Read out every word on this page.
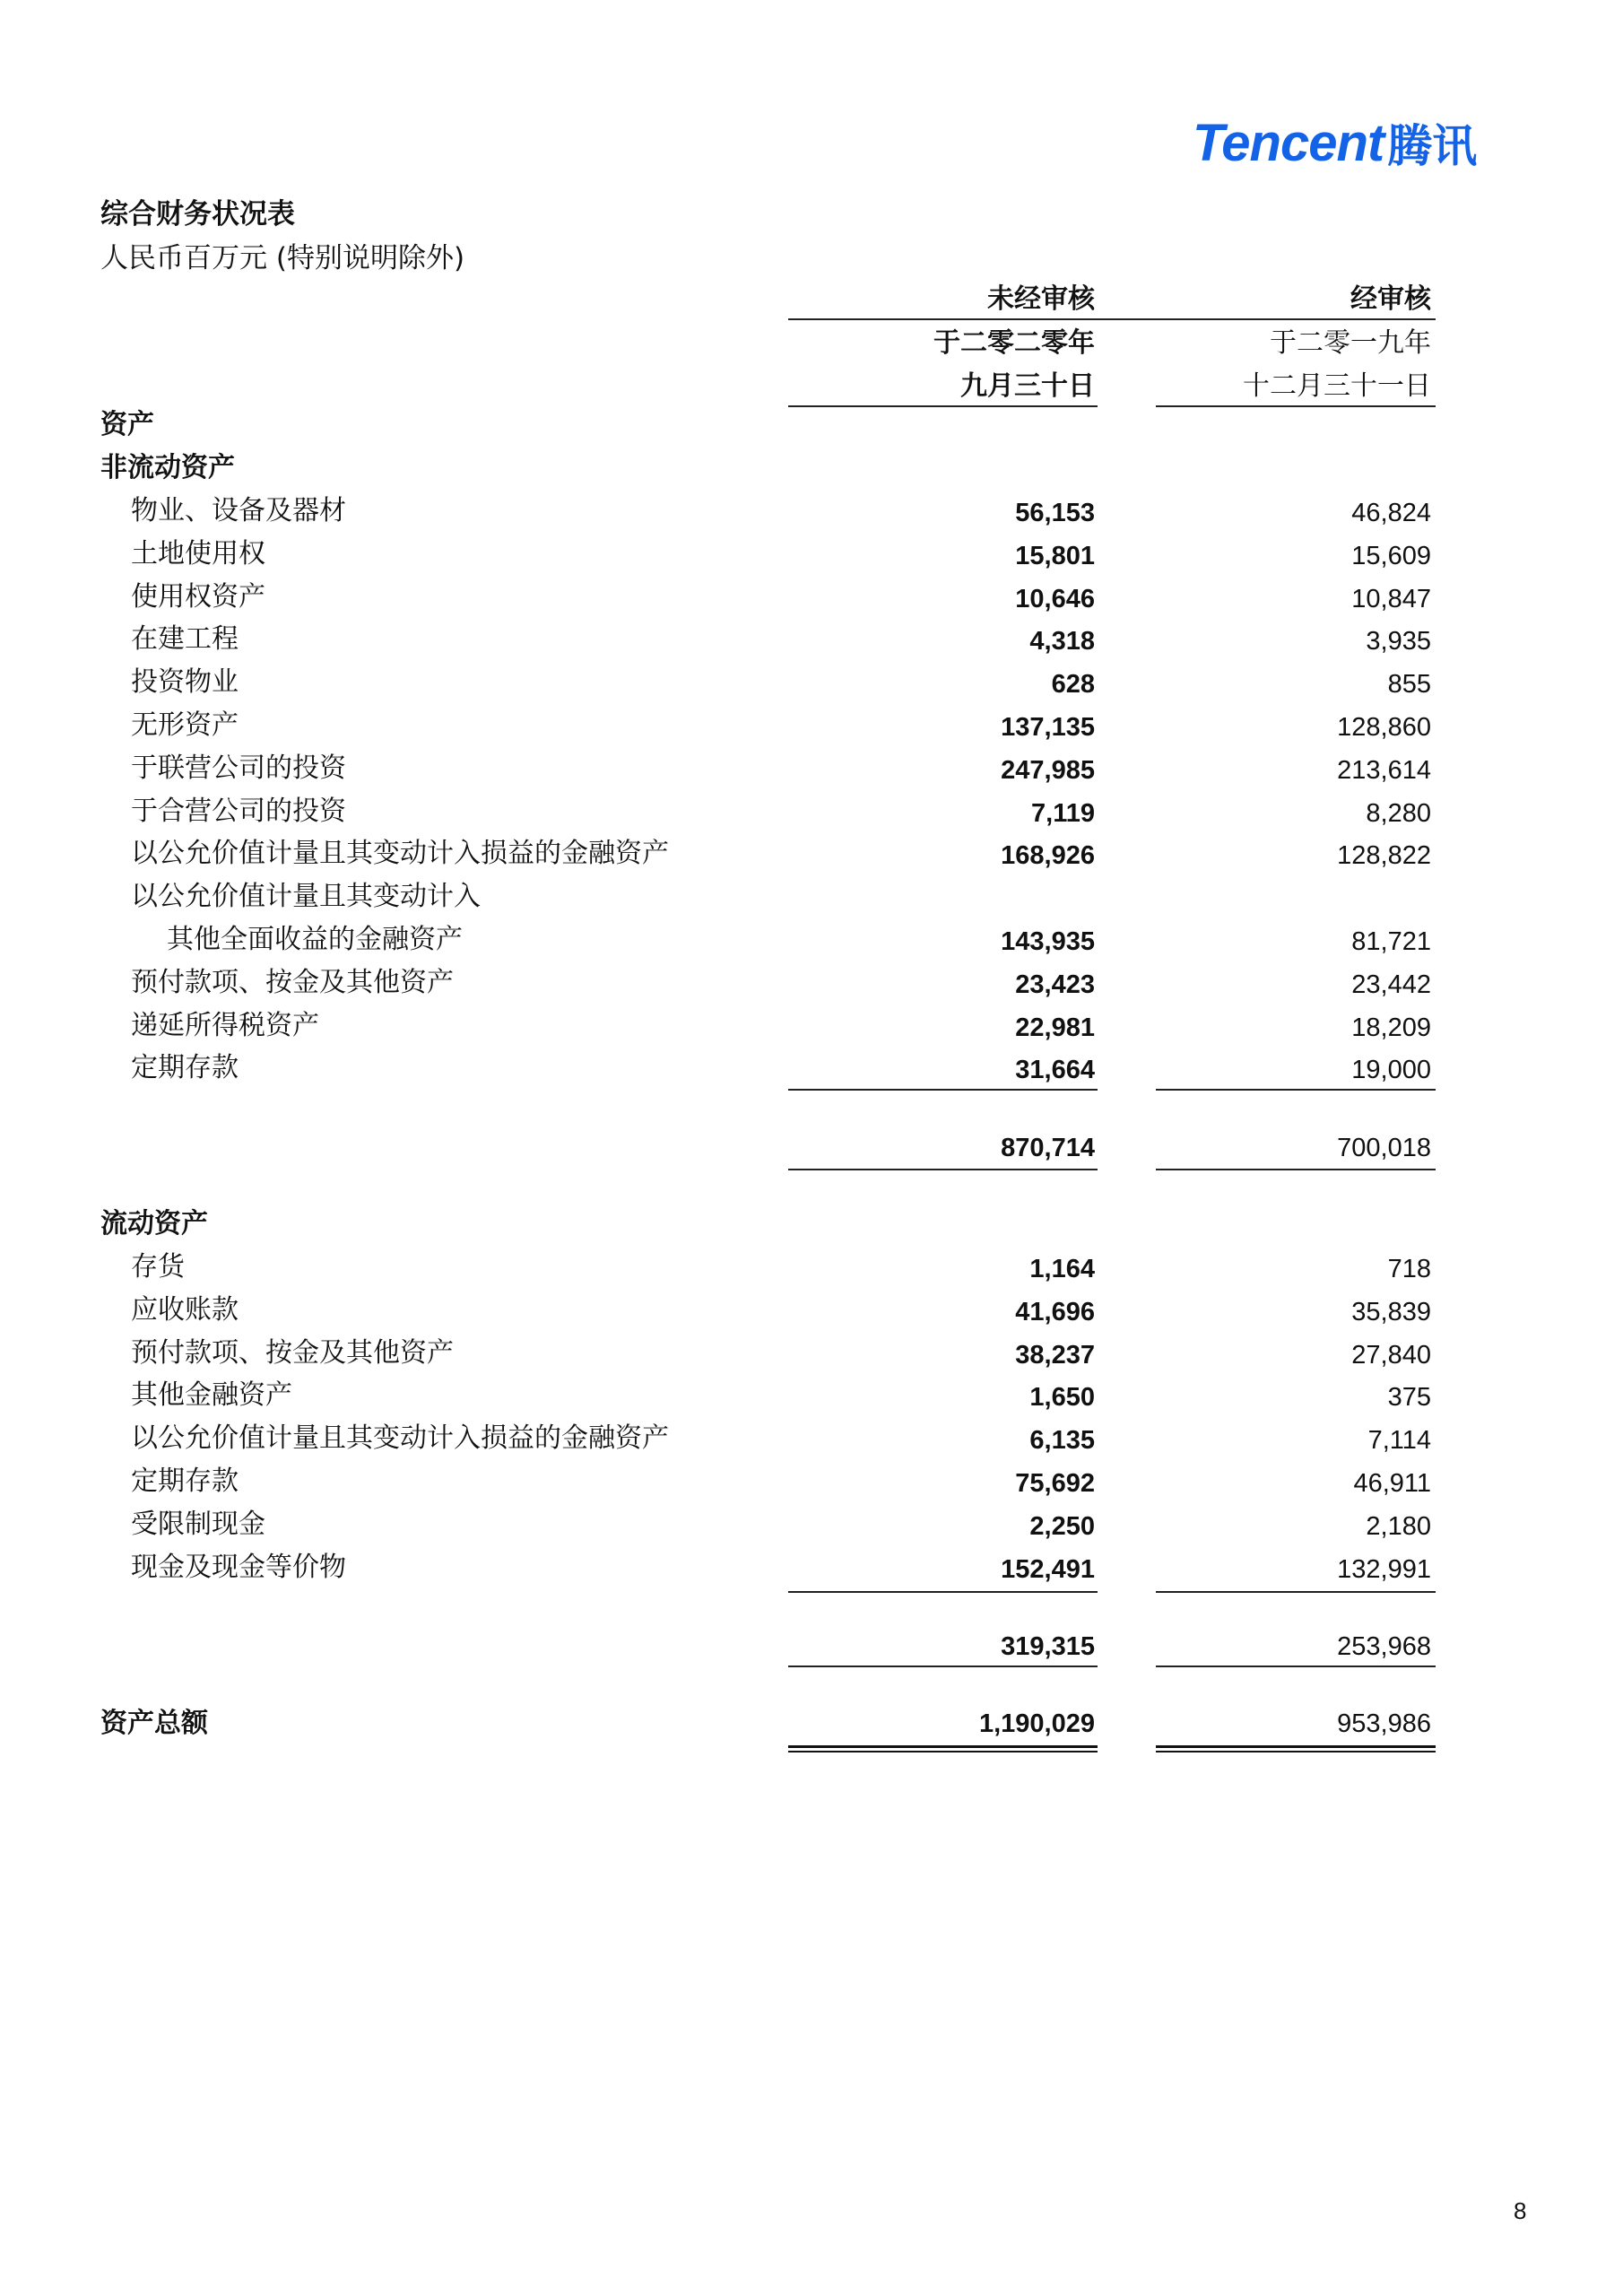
Tencent 腾讯
综合财务状况表
人民币百万元 (特别说明除外)
未经审核	经审核
于二零二零年	于二零一九年
九月三十日	十二月三十一日
资产
非流动资产
物业、设备及器材	56,153	46,824
土地使用权	15,801	15,609
使用权资产	10,646	10,847
在建工程	4,318	3,935
投资物业	628	855
无形资产	137,135	128,860
于联营公司的投资	247,985	213,614
于合营公司的投资	7,119	8,280
以公允价值计量且其变动计入损益的金融资产	168,926	128,822
以公允价值计量且其变动计入
其他全面收益的金融资产	143,935	81,721
预付款项、按金及其他资产	23,423	23,442
递延所得税资产	22,981	18,209
定期存款	31,664	19,000
870,714	700,018
流动资产
存货	1,164	718
应收账款	41,696	35,839
预付款项、按金及其他资产	38,237	27,840
其他金融资产	1,650	375
以公允价值计量且其变动计入损益的金融资产	6,135	7,114
定期存款	75,692	46,911
受限制现金	2,250	2,180
现金及现金等价物	152,491	132,991
319,315	253,968
资产总额	1,190,029	953,986
8
